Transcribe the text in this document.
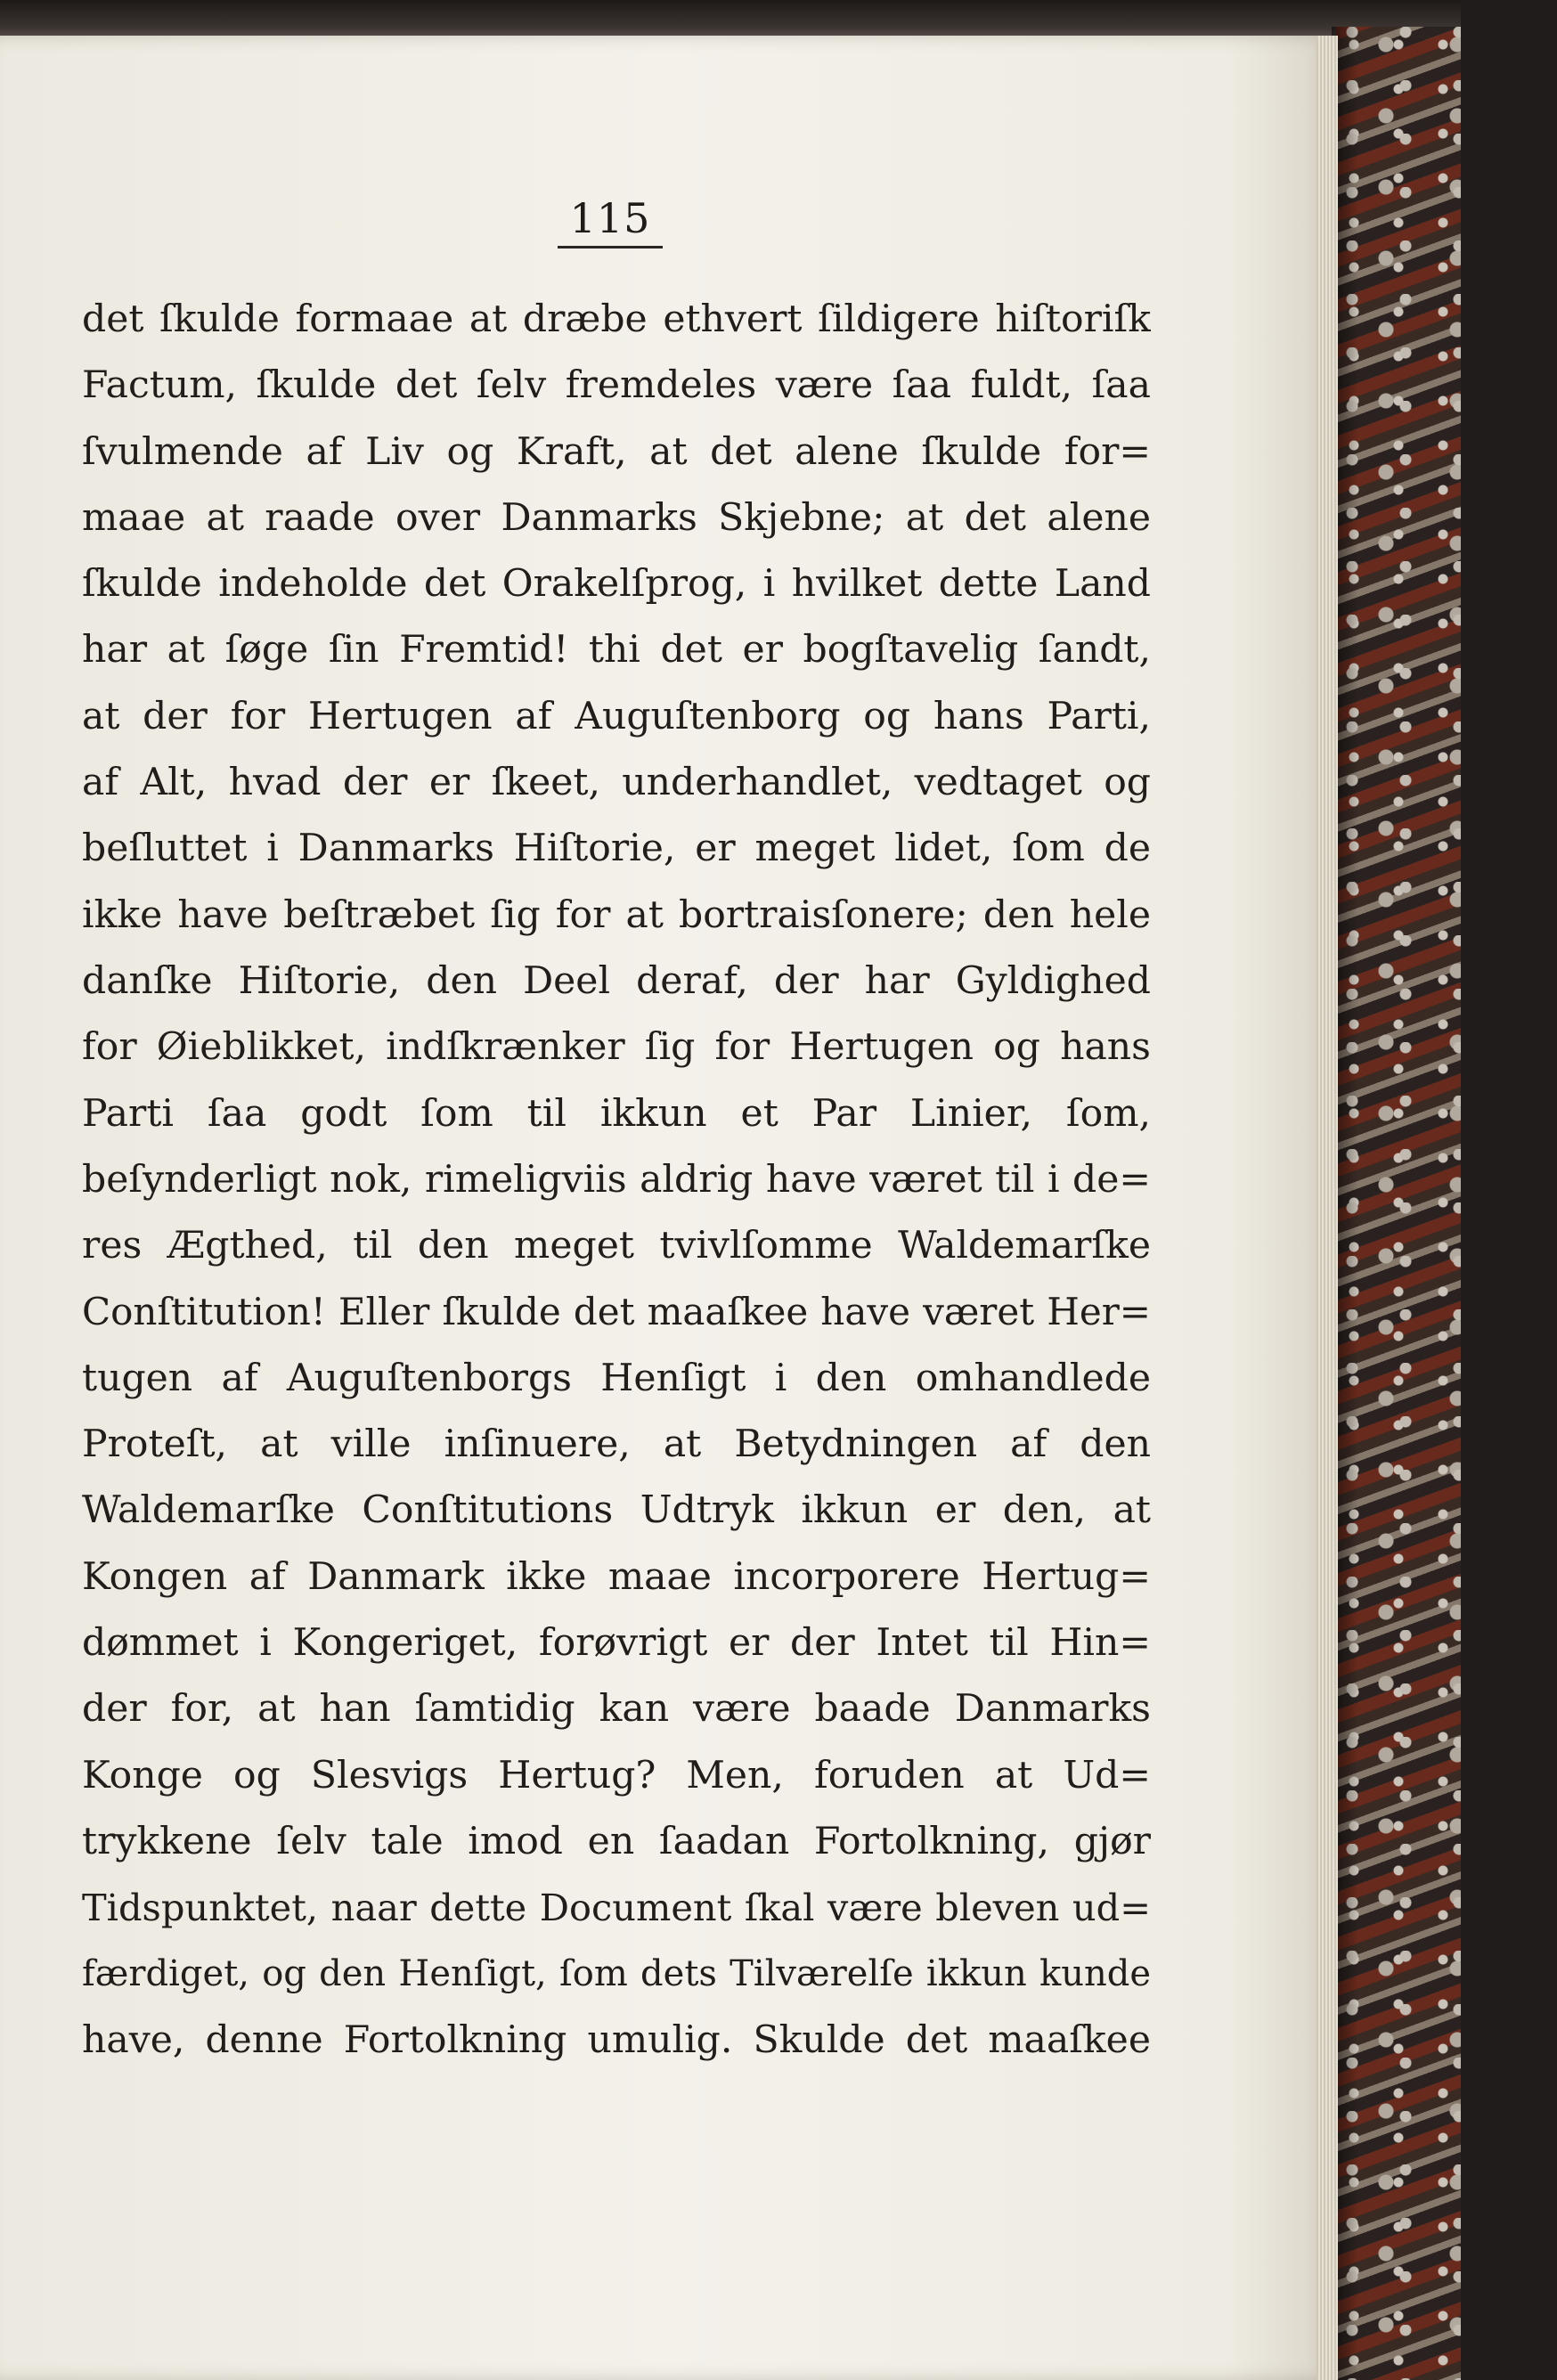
115
det ſkulde formaae at dræbe ethvert ſildigere hiſtoriſk
Factum, ſkulde det ſelv fremdeles være ſaa fuldt, ſaa
ſvulmende af Liv og Kraft, at det alene ſkulde for=
maae at raade over Danmarks Skjebne; at det alene
ſkulde indeholde det Orakelſprog, i hvilket dette Land
har at ſøge ſin Fremtid! thi det er bogſtavelig ſandt,
at der for Hertugen af Auguſtenborg og hans Parti,
af Alt, hvad der er ſkeet, underhandlet, vedtaget og
beſluttet i Danmarks Hiſtorie, er meget lidet, ſom de
ikke have beſtræbet ſig for at bortraisſonere; den hele
danſke Hiſtorie, den Deel deraf, der har Gyldighed
for Øieblikket, indſkrænker ſig for Hertugen og hans
Parti ſaa godt ſom til ikkun et Par Linier, ſom,
beſynderligt nok, rimeligviis aldrig have været til i de=
res Ægthed, til den meget tvivlſomme Waldemarſke
Conſtitution! Eller ſkulde det maaſkee have været Her=
tugen af Auguſtenborgs Henſigt i den omhandlede
Proteſt, at ville inſinuere, at Betydningen af den
Waldemarſke Conſtitutions Udtryk ikkun er den, at
Kongen af Danmark ikke maae incorporere Hertug=
dømmet i Kongeriget, forøvrigt er der Intet til Hin=
der for, at han ſamtidig kan være baade Danmarks
Konge og Slesvigs Hertug? Men, foruden at Ud=
trykkene ſelv tale imod en ſaadan Fortolkning, gjør
Tidspunktet, naar dette Document ſkal være bleven ud=
færdiget, og den Henſigt, ſom dets Tilværelſe ikkun kunde
have, denne Fortolkning umulig. Skulde det maaſkee
